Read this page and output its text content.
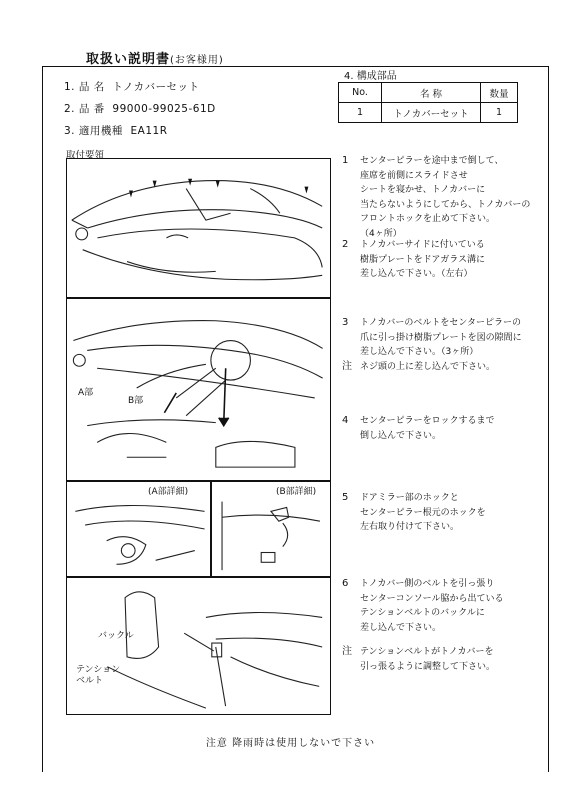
取扱い説明書(お客様用)
1. 品 名 トノカバーセット
2. 品 番 99000-99025-61D
3. 適用機種 EA11R
4. 構成部品
No.	名 称	数量
1	トノカバーセット	1
取付要領
A部
B部
(A部詳細)	(B部詳細)
バックル
テンション
ベルト
1 センターピラーを途中まで倒して、
座席を前側にスライドさせ
シートを寝かせ、トノカバーに
当たらないようにしてから、トノカバーの
フロントホックを止めて下さい。
（4ヶ所）
2 トノカバーサイドに付いている
樹脂プレートをドアガラス溝に
差し込んで下さい。（左右）
3 トノカバーのベルトをセンターピラーの
爪に引っ掛け樹脂プレートを図の隙間に
差し込んで下さい。（3ヶ所）
注 ネジ頭の上に差し込んで下さい。
4 センターピラーをロックするまで
倒し込んで下さい。
5 ドアミラー部のホックと
センターピラー根元のホックを
左右取り付けて下さい。
6 トノカバー側のベルトを引っ張り
センターコンソール脇から出ている
テンションベルトのバックルに
差し込んで下さい。
注 テンションベルトがトノカバーを
引っ張るように調整して下さい。
注意 降雨時は使用しないで下さい
